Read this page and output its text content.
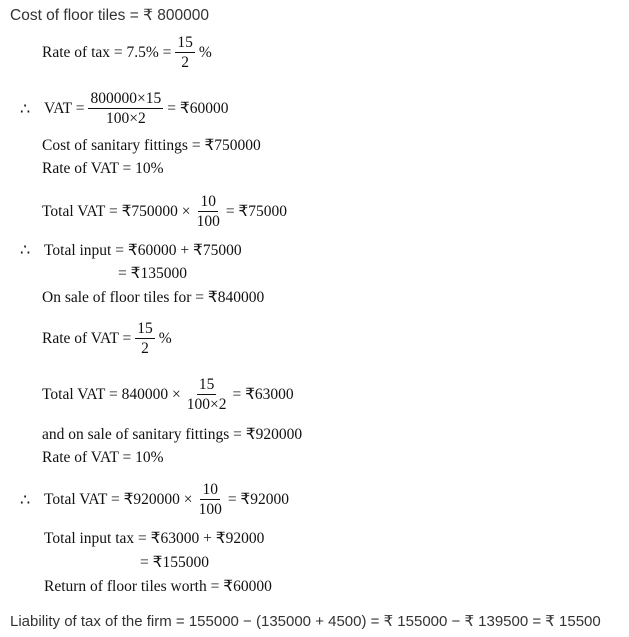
Cost of floor tiles = ₹ 800000
Rate of tax = $7.5\% = \frac{15}{2}$ %
∴ VAT = $\frac{800000\times 15}{100\times 2}$ = ₹60000
Cost of sanitary fittings = ₹750000
Rate of VAT = 10%
Total VAT = ₹750000 × $\frac{10}{100}$ = ₹75000
∴ Total input = ₹60000 + ₹75000
= ₹135000
On sale of floor tiles for = ₹840000
Rate of VAT = $\frac{15}{2}$ %
Total VAT = $840000 \times \frac{15}{100\times 2}$ = ₹63000
and on sale of sanitary fittings = ₹920000
Rate of VAT = 10%
∴ Total VAT = ₹920000 × $\frac{10}{100}$ = ₹92000
Total input tax = ₹63000 + ₹92000
= ₹155000
Return of floor tiles worth = ₹60000
Liability of tax of the firm = 155000 − (135000 + 4500) = ₹ 155000 − ₹ 139500 = ₹ 15500
